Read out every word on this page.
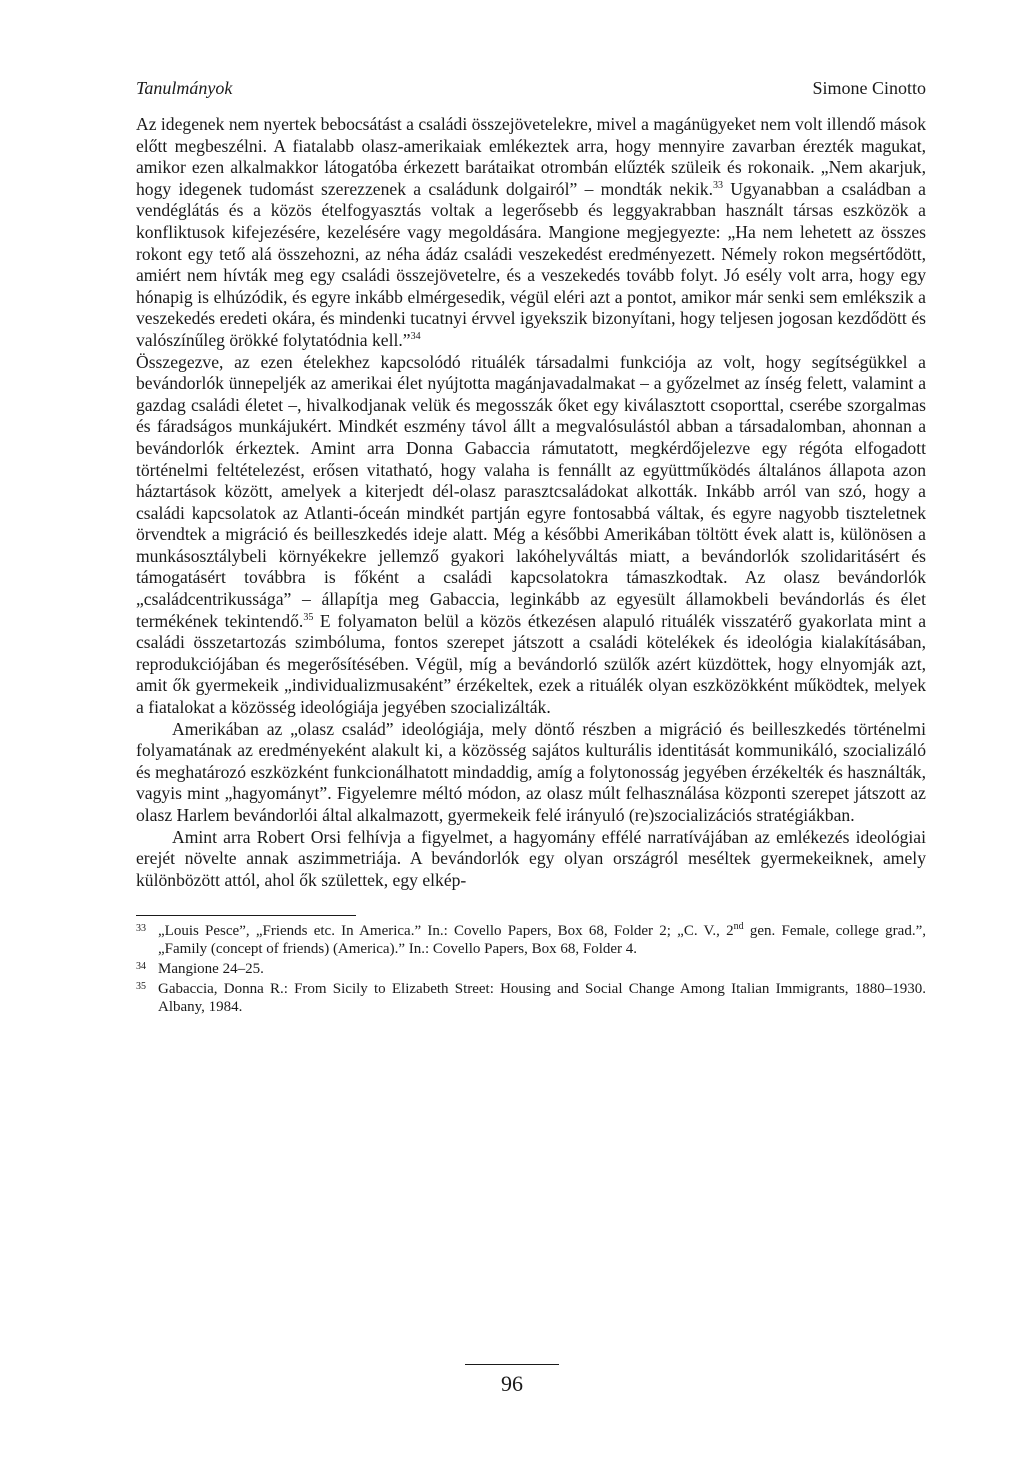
Tanulmányok	Simone Cinotto

Az idegenek nem nyertek bebocsátást a családi összejövetelekre, mivel a magánügyeket nem volt illendő mások előtt megbeszélni. A fiatalabb olasz-amerikaiak emlékeztek arra, hogy mennyire zavarban érezték magukat, amikor ezen alkalmakkor látogatóba érkezett barátaikat otrombán elűzték szüleik és rokonaik. „Nem akarjuk, hogy idegenek tudomást szerezzenek a családunk dolgairól” – mondták nekik.$^{33}$ Ugyanabban a családban a vendéglátás és a közös ételfogyasztás voltak a legerősebb és leggyakrabban használt társas eszközök a konfliktusok kifejezésére, kezelésére vagy megoldására. Mangione megjegyezte: „Ha nem lehetett az összes rokont egy tető alá összehozni, az néha ádáz családi veszekedést eredményezett. Némely rokon megsértődött, amiért nem hívták meg egy családi összejövetelre, és a veszekedés tovább folyt. Jó esély volt arra, hogy egy hónapig is elhúzódik, és egyre inkább elmérgesedik, végül eléri azt a pontot, amikor már senki sem emlékszik a veszekedés eredeti okára, és mindenki tucatnyi érvvel igyekszik bizonyítani, hogy teljesen jogosan kezdődött és valószínűleg örökké folytatódnia kell.”$^{34}$

Összegezve, az ezen ételekhez kapcsolódó rituálék társadalmi funkciója az volt, hogy segítségükkel a bevándorlók ünnepeljék az amerikai élet nyújtotta magánjavadalmakat – a győzelmet az ínség felett, valamint a gazdag családi életet –, hivalkodjanak velük és megosszák őket egy kiválasztott csoporttal, cserébe szorgalmas és fáradságos munkájukért. Mindkét eszmény távol állt a megvalósulástól abban a társadalomban, ahonnan a bevándorlók érkeztek. Amint arra Donna Gabaccia rámutatott, megkérdőjelezve egy régóta elfogadott történelmi feltételezést, erősen vitatható, hogy valaha is fennállt az együttműködés általános állapota azon háztartások között, amelyek a kiterjedt dél-olasz parasztcsaládokat alkották. Inkább arról van szó, hogy a családi kapcsolatok az Atlanti-óceán mindkét partján egyre fontosabbá váltak, és egyre nagyobb tiszteletnek örvendtek a migráció és beilleszkedés ideje alatt. Még a későbbi Amerikában töltött évek alatt is, különösen a munkásosztálybeli környékekre jellemző gyakori lakóhelyváltás miatt, a bevándorlók szolidaritásért és támogatásért továbbra is főként a családi kapcsolatokra támaszkodtak. Az olasz bevándorlók „családcentrikussága” – állapítja meg Gabaccia, leginkább az egyesült államokbeli bevándorlás és élet termékének tekintendő.$^{35}$ E folyamaton belül a közös étkezésen alapuló rituálék visszatérő gyakorlata mint a családi összetartozás szimbóluma, fontos szerepet játszott a családi kötelékek és ideológia kialakításában, reprodukciójában és megerősítésében. Végül, míg a bevándorló szülők azért küzdöttek, hogy elnyomják azt, amit ők gyermekeik „individualizmusaként” érzékeltek, ezek a rituálék olyan eszközökként működtek, melyek a fiatalokat a közösség ideológiája jegyében szocializálták.

Amerikában az „olasz család” ideológiája, mely döntő részben a migráció és beilleszkedés történelmi folyamatának az eredményeként alakult ki, a közösség sajátos kulturális identitását kommunikáló, szocializáló és meghatározó eszközként funkcionálhatott mindaddig, amíg a folytonosság jegyében érzékelték és használták, vagyis mint „hagyományt”. Figyelemre méltó módon, az olasz múlt felhasználása központi szerepet játszott az olasz Harlem bevándorlói által alkalmazott, gyermekeik felé irányuló (re)szocializációs stratégiákban.

Amint arra Robert Orsi felhívja a figyelmet, a hagyomány effélé narratívájában az emlékezés ideológiai erejét növelte annak aszimmetriája. A bevándorlók egy olyan országról meséltek gyermekeiknek, amely különbözött attól, ahol ők születtek, egy elkép-

33 „Louis Pesce”, „Friends etc. In America.” In.: Covello Papers, Box 68, Folder 2; „C. V., 2nd gen. Female, college grad.”, „Family (concept of friends) (America).” In.: Covello Papers, Box 68, Folder 4.
34 Mangione 24–25.
35 Gabaccia, Donna R.: From Sicily to Elizabeth Street: Housing and Social Change Among Italian Immigrants, 1880–1930. Albany, 1984.
96
